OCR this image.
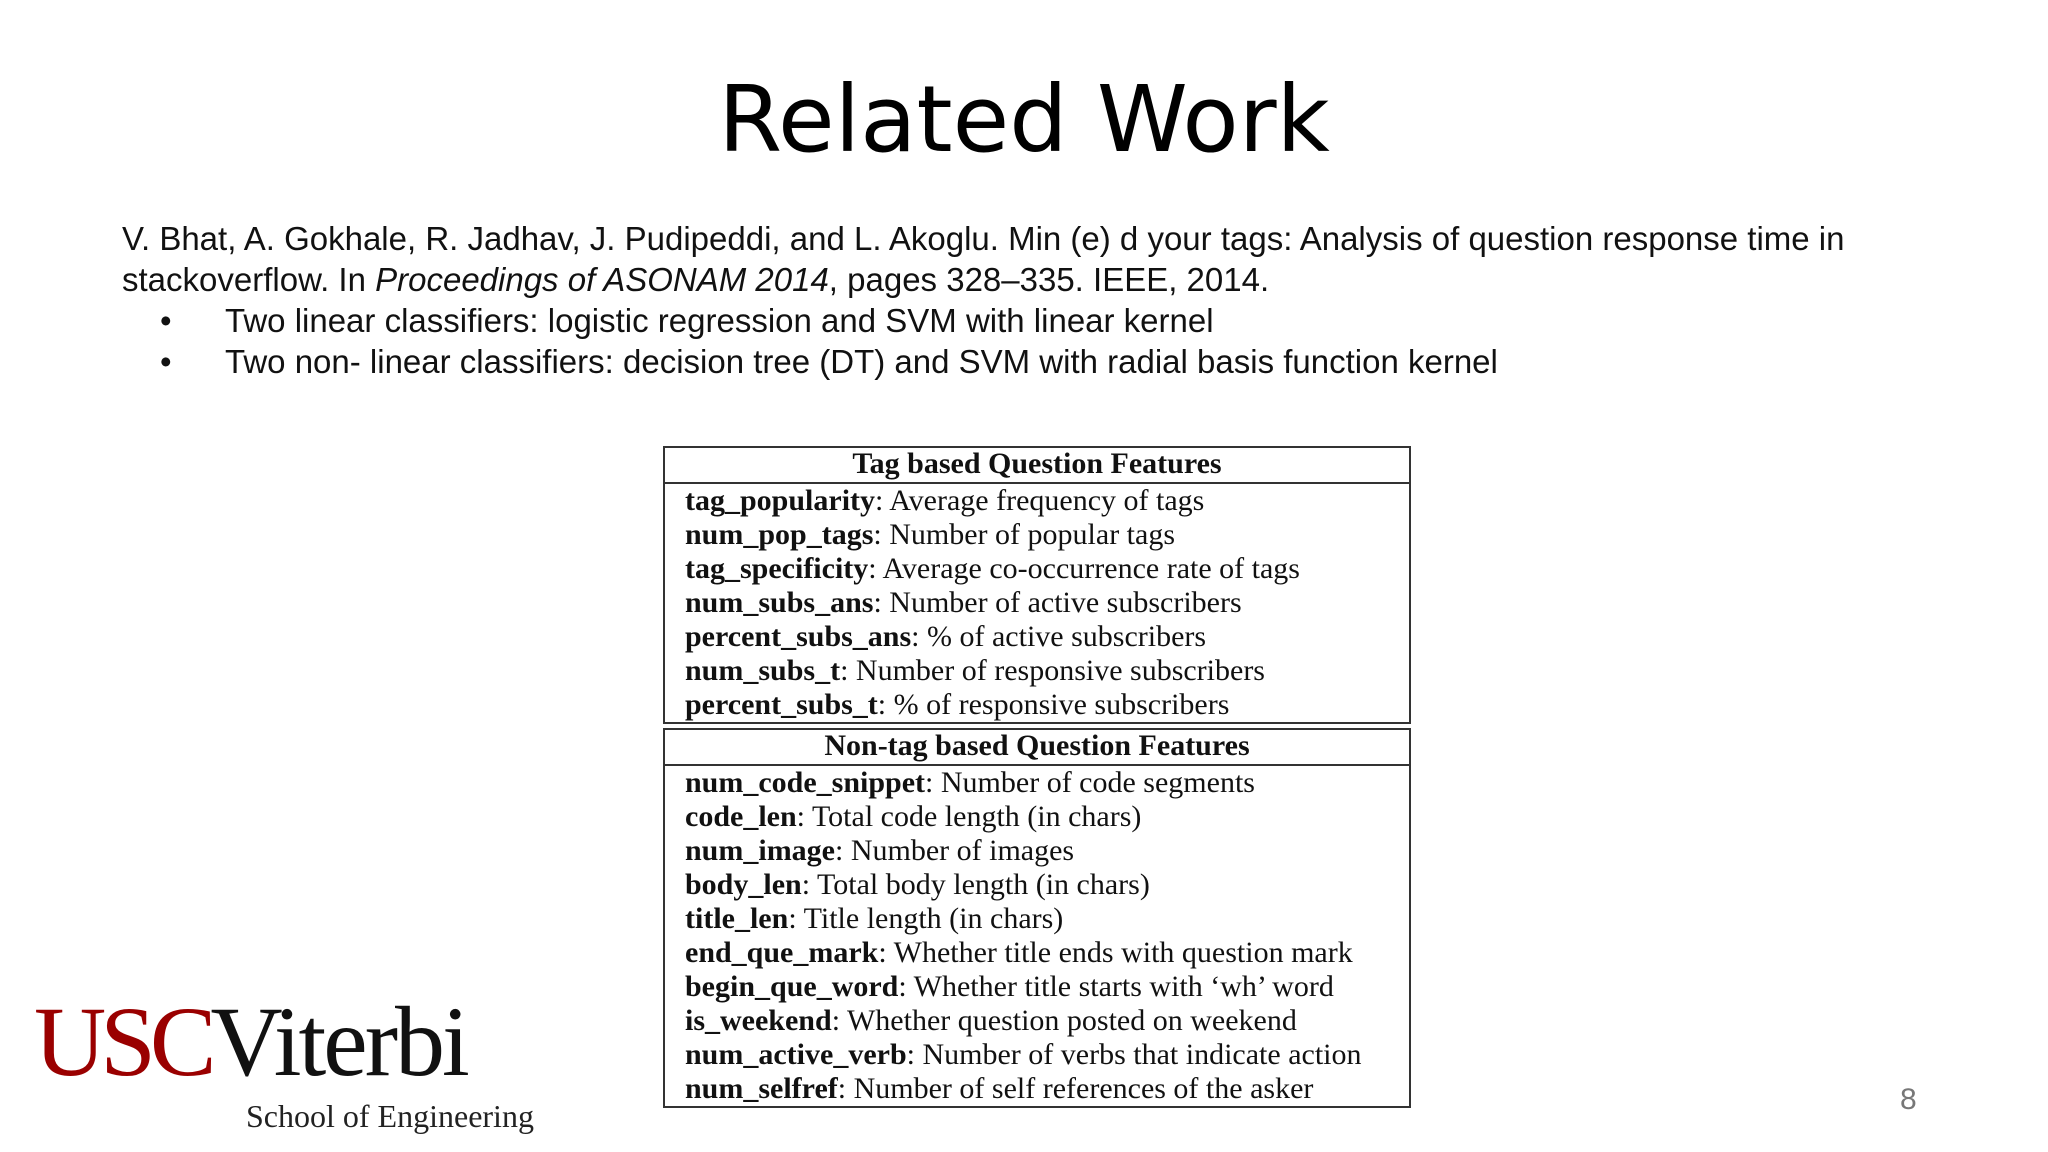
Related Work
V. Bhat, A. Gokhale, R. Jadhav, J. Pudipeddi, and L. Akoglu. Min (e) d your tags: Analysis of question response time in stackoverflow. In Proceedings of ASONAM 2014, pages 328–335. IEEE, 2014.
• Two linear classifiers: logistic regression and SVM with linear kernel
• Two non- linear classifiers: decision tree (DT) and SVM with radial basis function kernel
Tag based Question Features
tag_popularity: Average frequency of tags
num_pop_tags: Number of popular tags
tag_specificity: Average co-occurrence rate of tags
num_subs_ans: Number of active subscribers
percent_subs_ans: % of active subscribers
num_subs_t: Number of responsive subscribers
percent_subs_t: % of responsive subscribers
Non-tag based Question Features
num_code_snippet: Number of code segments
code_len: Total code length (in chars)
num_image: Number of images
body_len: Total body length (in chars)
title_len: Title length (in chars)
end_que_mark: Whether title ends with question mark
begin_que_word: Whether title starts with ‘wh’ word
is_weekend: Whether question posted on weekend
num_active_verb: Number of verbs that indicate action
num_selfref: Number of self references of the asker
USCViterbi
School of Engineering	8
